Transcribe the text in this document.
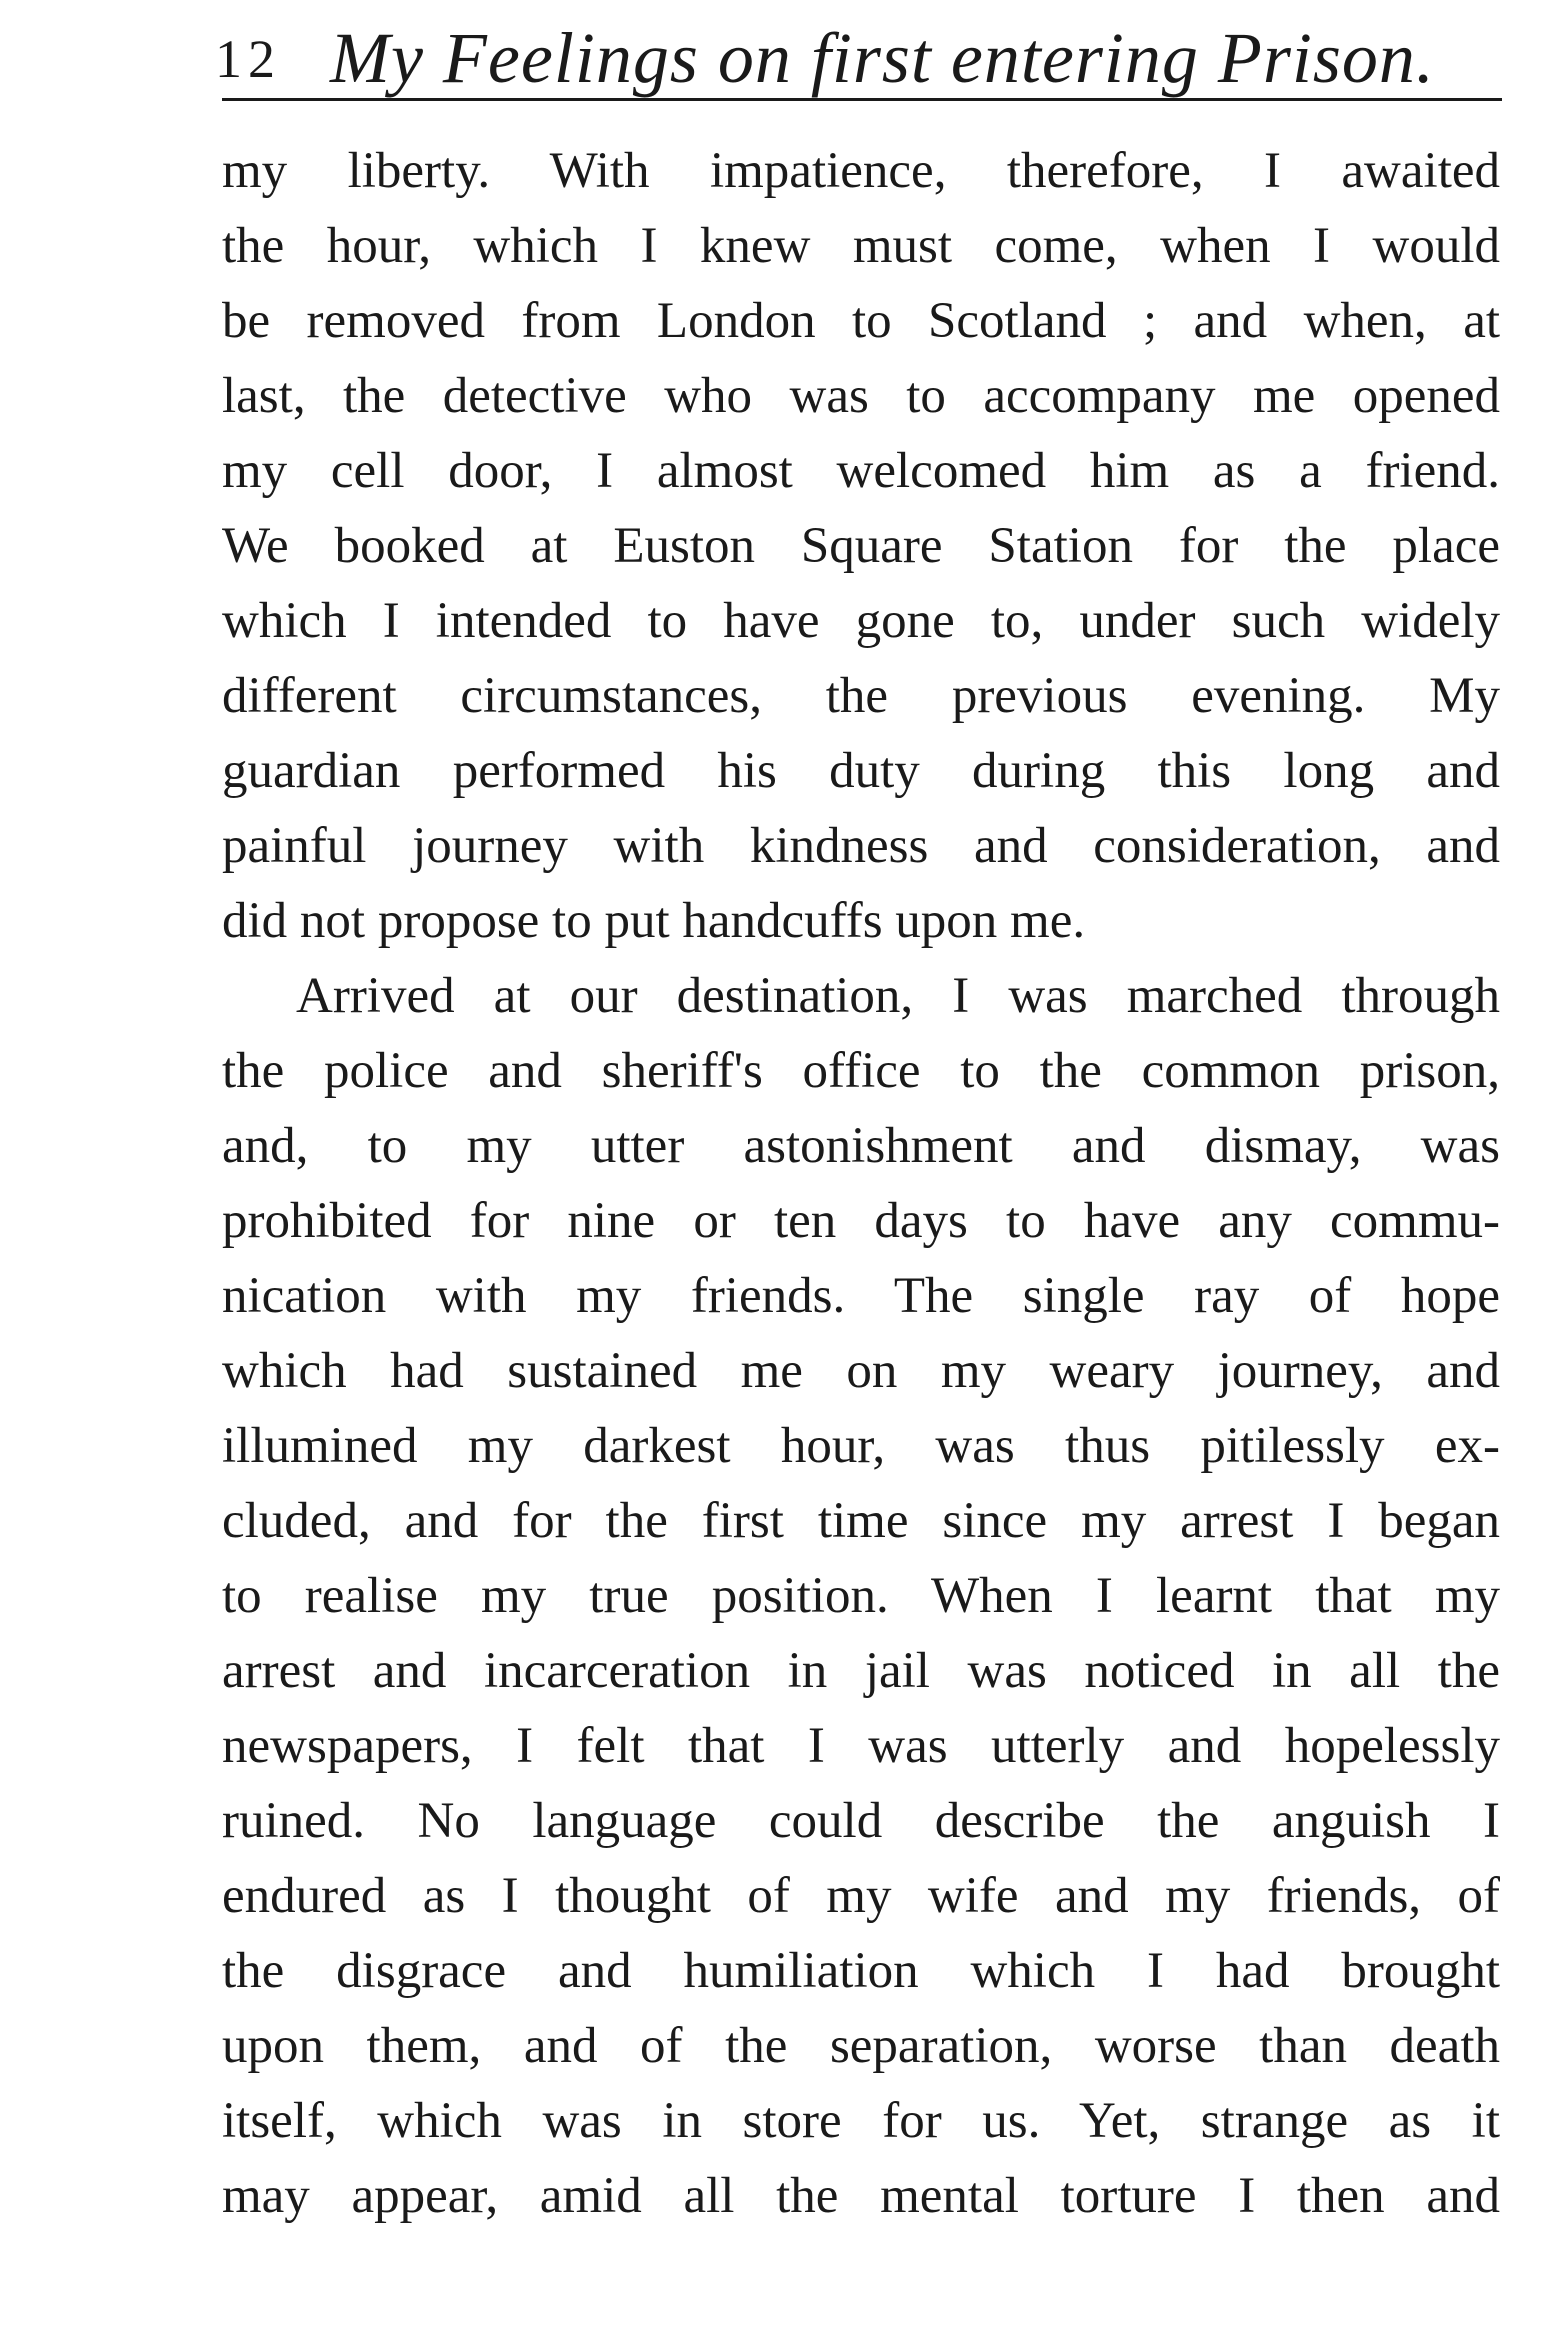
12 My Feelings on first entering Prison.
my liberty. With impatience, therefore, I awaited
the hour, which I knew must come, when I would
be removed from London to Scotland ; and when, at
last, the detective who was to accompany me opened
my cell door, I almost welcomed him as a friend.
We booked at Euston Square Station for the place
which I intended to have gone to, under such widely
different circumstances, the previous evening. My
guardian performed his duty during this long and
painful journey with kindness and consideration, and
did not propose to put handcuffs upon me.
Arrived at our destination, I was marched through
the police and sheriff's office to the common prison,
and, to my utter astonishment and dismay, was
prohibited for nine or ten days to have any commu-
nication with my friends. The single ray of hope
which had sustained me on my weary journey, and
illumined my darkest hour, was thus pitilessly ex-
cluded, and for the first time since my arrest I began
to realise my true position. When I learnt that my
arrest and incarceration in jail was noticed in all the
newspapers, I felt that I was utterly and hopelessly
ruined. No language could describe the anguish I
endured as I thought of my wife and my friends, of
the disgrace and humiliation which I had brought
upon them, and of the separation, worse than death
itself, which was in store for us. Yet, strange as it
may appear, amid all the mental torture I then and
